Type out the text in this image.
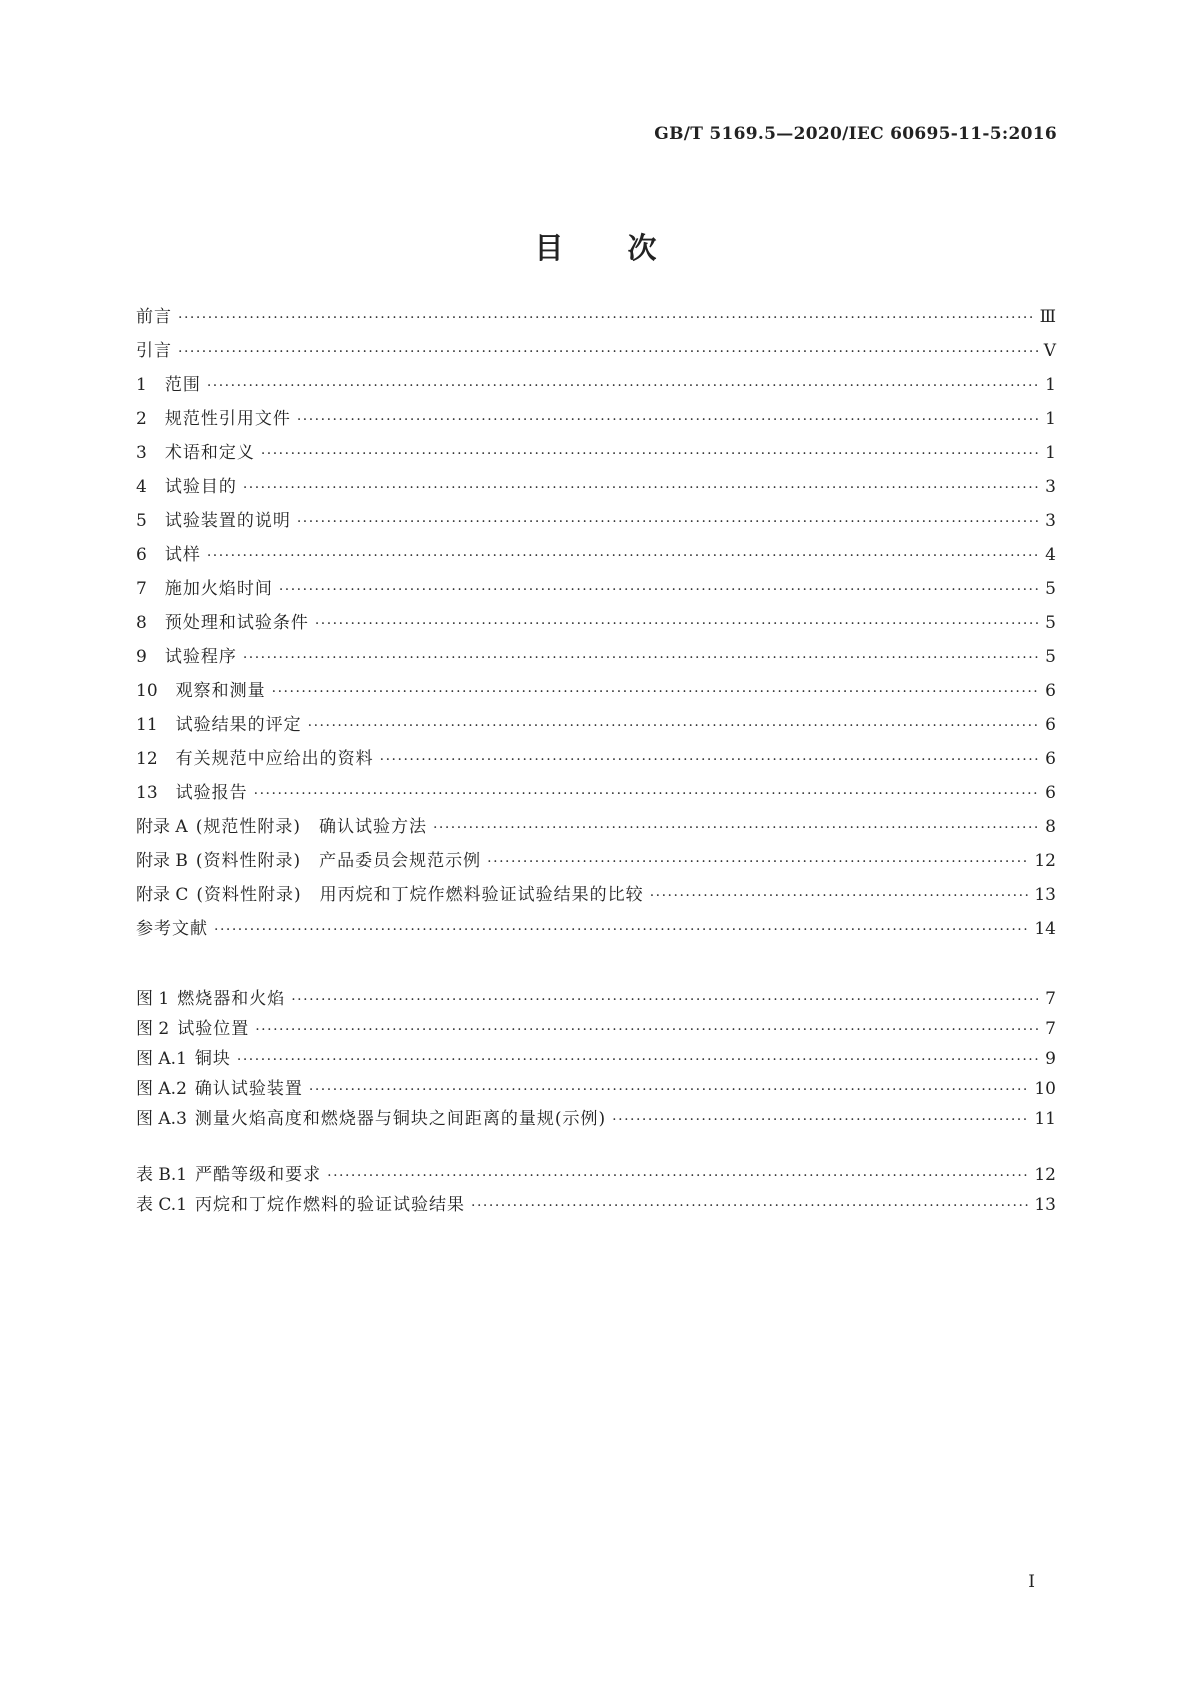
GB/T 5169.5—2020/IEC 60695-11-5:2016
目 次
前言 ·····	Ⅲ
引言 ·····	Ⅴ
1 范围 ·····	1
2 规范性引用文件 ·····	1
3 术语和定义 ·····	1
4 试验目的 ·····	3
5 试验装置的说明 ·····	3
6 试样 ·····	4
7 施加火焰时间 ·····	5
8 预处理和试验条件 ·····	5
9 试验程序 ·····	5
10 观察和测量 ·····	6
11 试验结果的评定 ·····	6
12 有关规范中应给出的资料 ·····	6
13 试验报告 ·····	6
附录 A (规范性附录)　确认试验方法 ·····	8
附录 B (资料性附录)　产品委员会规范示例 ·····	12
附录 C (资料性附录)　用丙烷和丁烷作燃料验证试验结果的比较 ·····	13
参考文献 ·····	14
图 1 燃烧器和火焰 ·····	7
图 2 试验位置 ·····	7
图 A.1 铜块 ·····	9
图 A.2 确认试验装置 ·····	10
图 A.3 测量火焰高度和燃烧器与铜块之间距离的量规(示例) ·····	11
表 B.1 严酷等级和要求 ·····	12
表 C.1 丙烷和丁烷作燃料的验证试验结果 ·····	13
I
